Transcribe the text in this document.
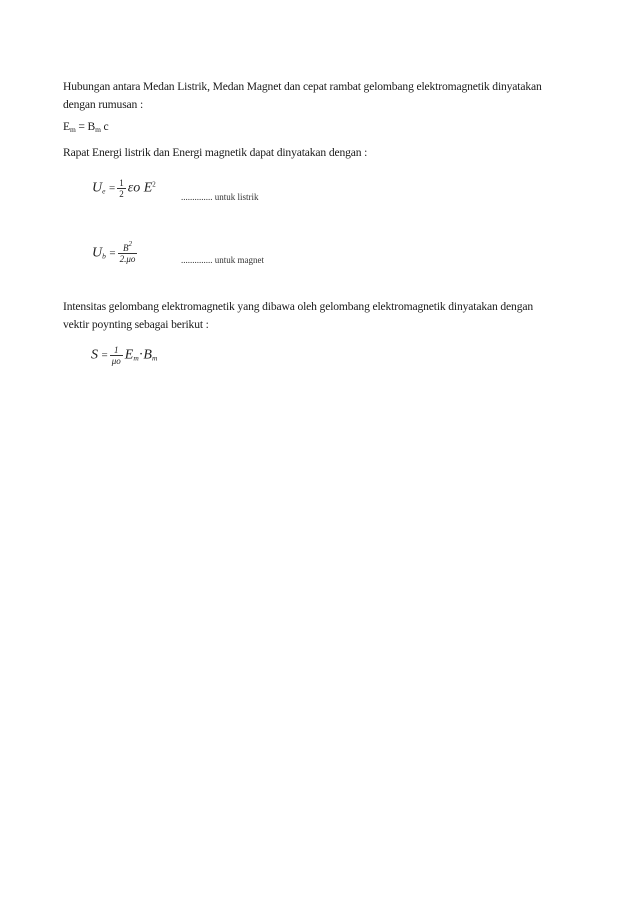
Hubungan antara Medan Listrik, Medan Magnet dan cepat rambat gelombang elektromagnetik dinyatakan
dengan rumusan :

$E_m = B_m$ c

Rapat Energi listrik dan Energi magnetik dapat dinyatakan dengan :

$U_e = \frac{1}{2}$ εo $E^2$
.............. untuk listrik
$U_b = \frac{B^2}{2.\mu o}$	.............. untuk magnet

Intensitas gelombang elektromagnetik yang dibawa oleh gelombang elektromagnetik dinyatakan dengan
vektir poynting sebagai berikut :

$S = \frac{1}{\mu o} E_m\cdot B_m$
